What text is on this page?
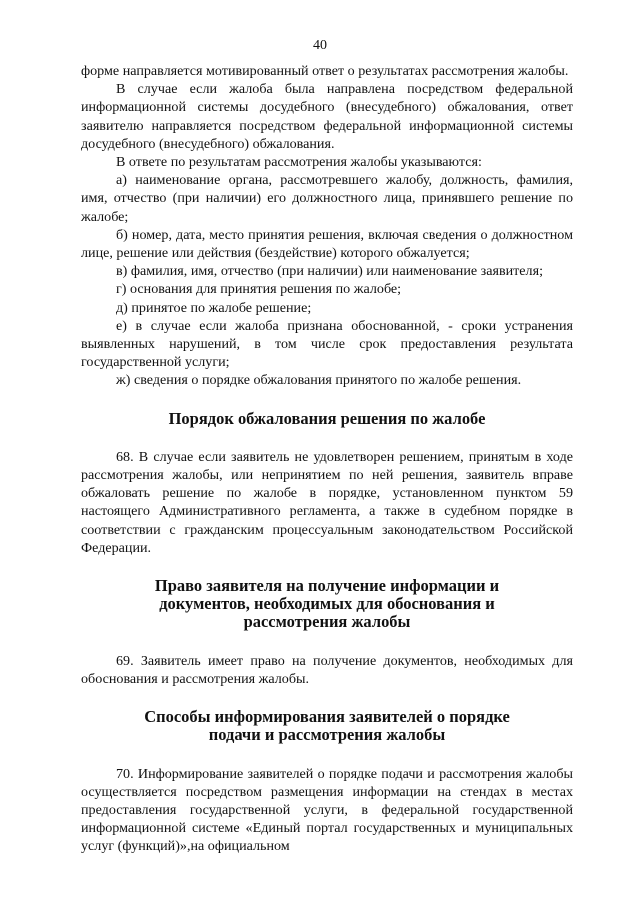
40

форме направляется мотивированный ответ о результатах рассмотрения жалобы.

В случае если жалоба была направлена посредством федеральной информационной системы досудебного (внесудебного) обжалования, ответ заявителю направляется посредством федеральной информационной системы досудебного (внесудебного) обжалования.

В ответе по результатам рассмотрения жалобы указываются:

а) наименование органа, рассмотревшего жалобу, должность, фамилия, имя, отчество (при наличии) его должностного лица, принявшего решение по жалобе;

б) номер, дата, место принятия решения, включая сведения о должностном лице, решение или действия (бездействие) которого обжалуется;

в) фамилия, имя, отчество (при наличии) или наименование заявителя;

г) основания для принятия решения по жалобе;

д) принятое по жалобе решение;

е) в случае если жалоба признана обоснованной, - сроки устранения выявленных нарушений, в том числе срок предоставления результата государственной услуги;

ж) сведения о порядке обжалования принятого по жалобе решения.

Порядок обжалования решения по жалобе

68. В случае если заявитель не удовлетворен решением, принятым в ходе рассмотрения жалобы, или непринятием по ней решения, заявитель вправе обжаловать решение по жалобе в порядке, установленном пунктом 59 настоящего Административного регламента, а также в судебном порядке в соответствии с гражданским процессуальным законодательством Российской Федерации.

Право заявителя на получение информации и документов, необходимых для обоснования и рассмотрения жалобы

69. Заявитель имеет право на получение документов, необходимых для обоснования и рассмотрения жалобы.

Способы информирования заявителей о порядке подачи и рассмотрения жалобы

70. Информирование заявителей о порядке подачи и рассмотрения жалобы осуществляется посредством размещения информации на стендах в местах предоставления государственной услуги, в федеральной государственной информационной системе «Единый портал государственных и муниципальных услуг (функций)»,на официальном
